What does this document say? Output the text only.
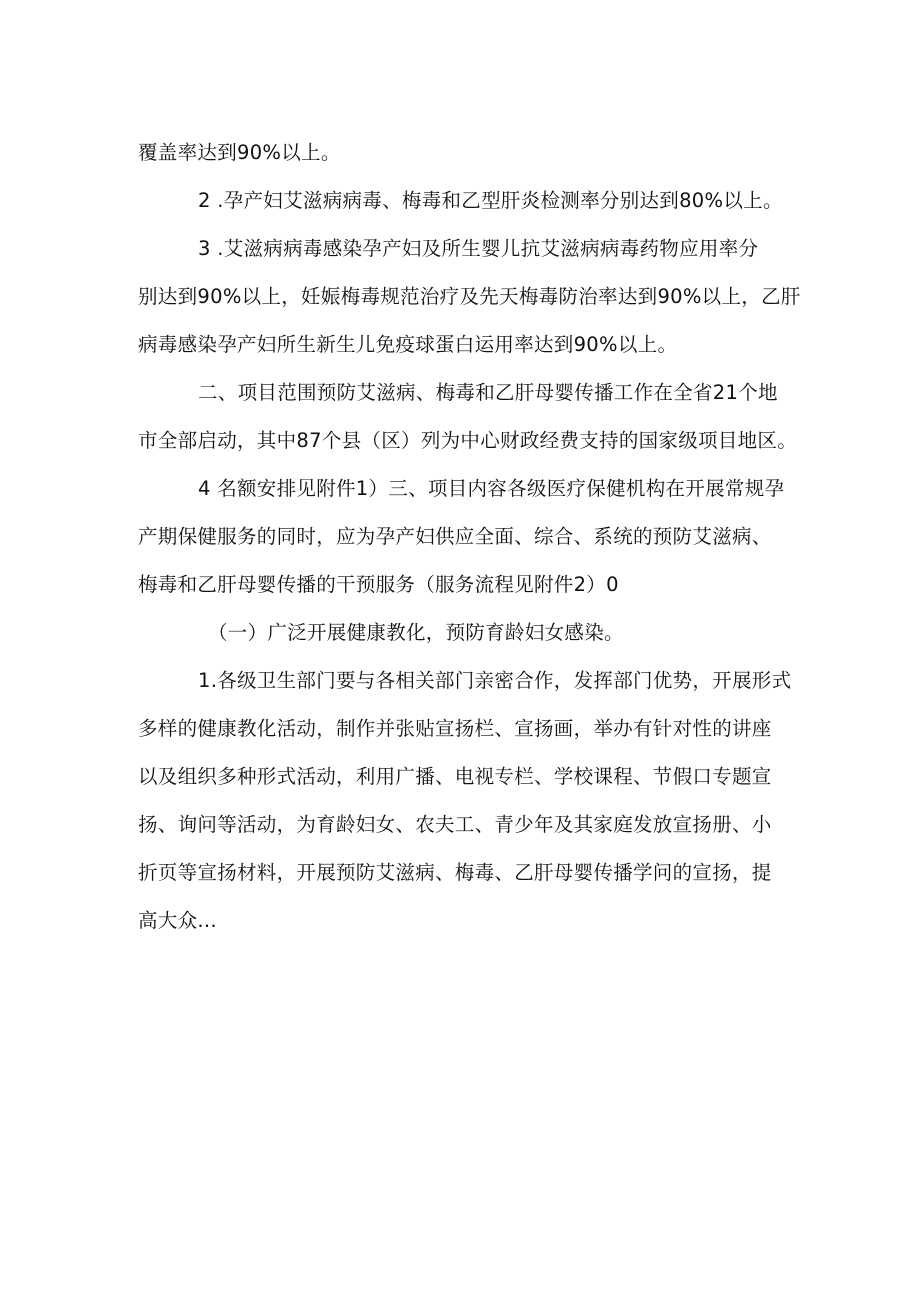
覆盖率达到90%以上。
2 .孕产妇艾滋病病毒、梅毒和乙型肝炎检测率分别达到80%以上。
3 .艾滋病病毒感染孕产妇及所生婴儿抗艾滋病病毒药物应用率分
别达到90%以上，妊娠梅毒规范治疗及先天梅毒防治率达到90%以上，乙肝
病毒感染孕产妇所生新生儿免疫球蛋白运用率达到90%以上。
二、项目范围预防艾滋病、梅毒和乙肝母婴传播工作在全省21个地
市全部启动，其中87个县（区）列为中心财政经费支持的国家级项目地区。
4 名额安排见附件1）三、项目内容各级医疗保健机构在开展常规孕
产期保健服务的同时，应为孕产妇供应全面、综合、系统的预防艾滋病、
梅毒和乙肝母婴传播的干预服务（服务流程见附件2）0
（一）广泛开展健康教化，预防育龄妇女感染。
1.各级卫生部门要与各相关部门亲密合作，发挥部门优势，开展形式
多样的健康教化活动，制作并张贴宣扬栏、宣扬画，举办有针对性的讲座
以及组织多种形式活动，利用广播、电视专栏、学校课程、节假口专题宣
扬、询问等活动，为育龄妇女、农夫工、青少年及其家庭发放宣扬册、小
折页等宣扬材料，开展预防艾滋病、梅毒、乙肝母婴传播学问的宣扬，提
高大众...
